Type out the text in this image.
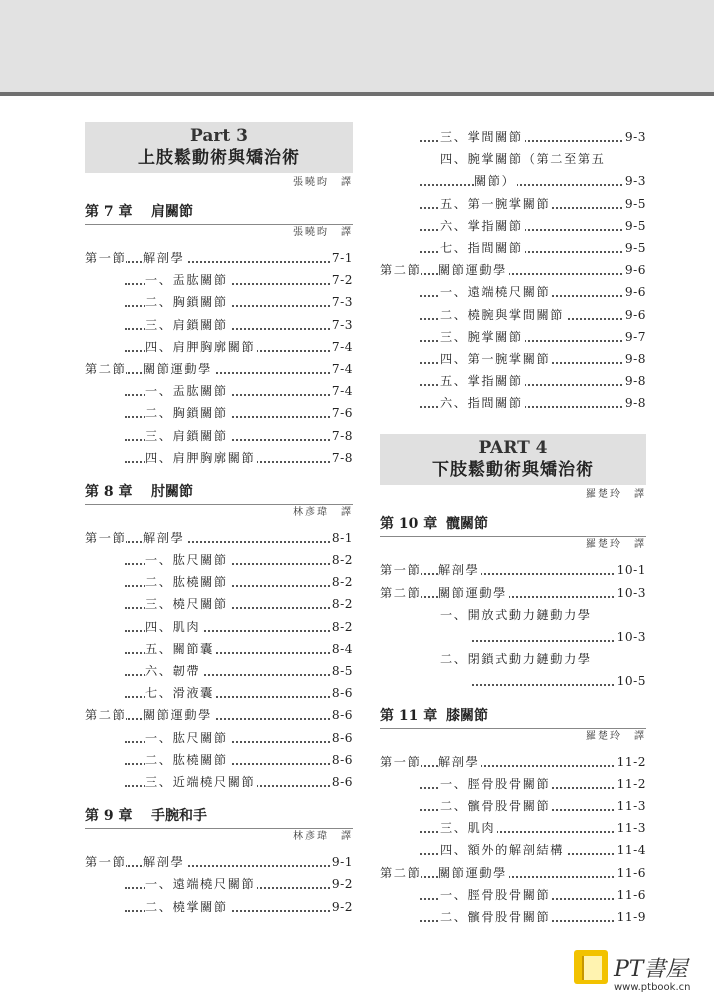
Part 3
上肢鬆動術與矯治術
張曉昀　譯
第 7 章 肩關節
張曉昀　譯
第一節 解剖學	7-1
一、盂肱關節	7-2
二、胸鎖關節	7-3
三、肩鎖關節	7-3
四、肩胛胸廓關節	7-4
第二節 關節運動學	7-4
一、盂肱關節	7-4
二、胸鎖關節	7-6
三、肩鎖關節	7-8
四、肩胛胸廓關節	7-8
第 8 章 肘關節
林彥瑋　譯
第一節 解剖學	8-1
一、肱尺關節	8-2
二、肱橈關節	8-2
三、橈尺關節	8-2
四、肌肉	8-2
五、關節囊	8-4
六、韌帶	8-5
七、滑液囊	8-6
第二節 關節運動學	8-6
一、肱尺關節	8-6
二、肱橈關節	8-6
三、近端橈尺關節	8-6
第 9 章 手腕和手
林彥瑋　譯
第一節 解剖學	9-1
一、遠端橈尺關節	9-2
二、橈掌關節	9-2
三、掌間關節	9-3
四、腕掌關節（第二至第五
關節）	9-3
五、第一腕掌關節	9-5
六、掌指關節	9-5
七、指間關節	9-5
第二節 關節運動學	9-6
一、遠端橈尺關節	9-6
二、橈腕與掌間關節	9-6
三、腕掌關節	9-7
四、第一腕掌關節	9-8
五、掌指關節	9-8
六、指間關節	9-8
PART 4
下肢鬆動術與矯治術
羅楚玲　譯
第 10 章 髖關節
羅楚玲　譯
第一節 解剖學	10-1
第二節 關節運動學	10-3
一、開放式動力鏈動力學
10-3
二、閉鎖式動力鏈動力學
10-5
第 11 章 膝關節
羅楚玲　譯
第一節 解剖學	11-2
一、脛骨股骨關節	11-2
二、髕骨股骨關節	11-3
三、肌肉	11-3
四、額外的解剖結構	11-4
第二節 關節運動學	11-6
一、脛骨股骨關節	11-6
二、髕骨股骨關節	11-9
PT書屋
www.ptbook.cn
